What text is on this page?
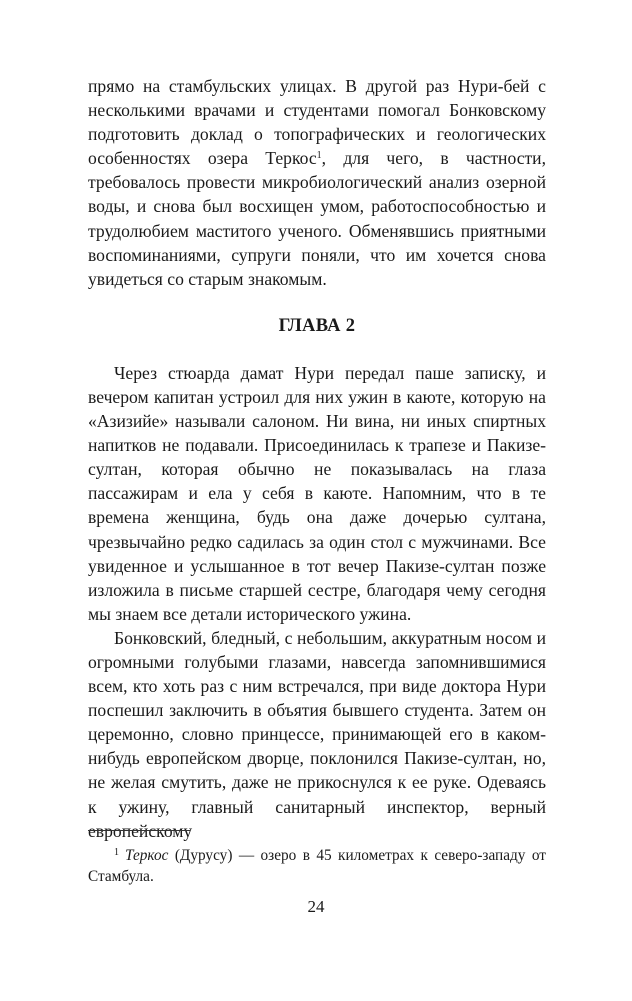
прямо на стамбульских улицах. В другой раз Нури-бей с несколькими врачами и студентами помогал Бонковскому подготовить доклад о топографических и геологических особенностях озера Теркос$^1$, для чего, в частности, требовалось провести микробиологический анализ озерной воды, и снова был восхищен умом, работоспособностью и трудолюбием маститого ученого. Обменявшись приятными воспоминаниями, супруги поняли, что им хочется снова увидеться со старым знакомым.

ГЛАВА 2

Через стюарда дамат Нури передал паше записку, и вечером капитан устроил для них ужин в каюте, которую на «Азизийе» называли салоном. Ни вина, ни иных спиртных напитков не подавали. Присоединилась к трапезе и Пакизе-султан, которая обычно не показывалась на глаза пассажирам и ела у себя в каюте. Напомним, что в те времена женщина, будь она даже дочерью султана, чрезвычайно редко садилась за один стол с мужчинами. Все увиденное и услышанное в тот вечер Пакизе-султан позже изложила в письме старшей сестре, благодаря чему сегодня мы знаем все детали исторического ужина.

Бонковский, бледный, с небольшим, аккуратным носом и огромными голубыми глазами, навсегда запомнившимися всем, кто хоть раз с ним встречался, при виде доктора Нури поспешил заключить в объятия бывшего студента. Затем он церемонно, словно принцессе, принимающей его в каком-нибудь европейском дворце, поклонился Пакизе-султан, но, не желая смутить, даже не прикоснулся к ее руке. Одеваясь к ужину, главный санитарный инспектор, верный европейскому

$^1$ Теркос (Дурусу) — озеро в 45 километрах к северо-западу от Стамбула.

24
